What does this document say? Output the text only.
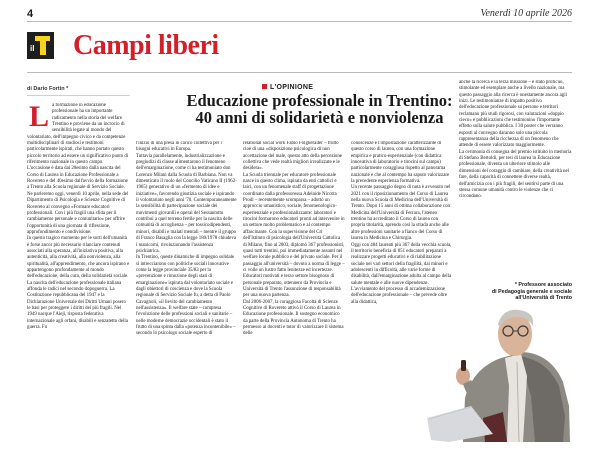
4	Venerdì 10 aprile 2026
il Campi liberi
di Dario Fortin *	L'OPINIONE
Educazione professionale in Trentino:
40 anni di solidarietà e nonviolenza
L a formazione in educazione professionale ha un importante radicamento nella storia del welfare Trentino e proviene da un incrocio di sensibilità legate al mondo del volontariato, dell'impegno civico e da competenze multidisciplinari di studiosi e testimoni particolarmente ispirati, che hanno portato questo piccolo territorio ad essere un significativo punto di riferimento nazionale in questo campo.

L'occasione è data dal 20esimo dalla nascita del Corso di Laurea in Educazione Professionale a Rovereto e del 40esimo dall'avvio della formazione a Trento alla Scuola regionale di Servizio Sociale. Ne parleremo oggi, venerdì 10 aprile, nella sede del Dipartimento di Psicologia e Scienze Cognitive di Rovereto al convegno «Formare educatori professionali. Con i più fragili una sfida per il cambiamento personale e comunitario» per offrire l'opportunità di una giornata di riflessione, approfondimento e condivisione.

In questo tragico momento per le sorti dell'umanità è forse ancor più necessario rilanciare contenuti associati alla speranza, all'iniziativa positiva, alla autenticità, alla creatività, alla nonviolenza, alla spiritualità, all'apprendimento, che ancora ispirano e appartengono profondamente al mondo dell'educazione, della cura, della solidarietà sociale.

La nascita dell'educazione professionale italiana affonda le radici nel secondo dopoguerra. La Costituzione repubblicana del 1947 e la Dichiarazione Universale dei Diritti Umani posero le basi per proteggere i diritti dei più fragili. Nel 1949 nacque l'Aieji, risposta federativa internazionale agli orfani, disabili e senzatetto della guerra. Fu

l'inizio di una presa in carico collettiva per i bisogni educativi in Europa.

Tuttavia parallelamente, industrializzazione e pregiudizi di classe alimentarono il fenomeno dell'emarginazione, come ci ha testimoniato don Lorenzo Milani dalla Scuola di Barbiana. Non va dimenticato il ruolo del Concilio Vaticano II (1962-1965) generativo di un «fermento di idee e iniziative», favorendo giustizia sociale e ispirando il volontariato negli anni '70. Contemporaneamente la sensibilità di partecipazione sociale dei movimenti giovanili e operai del Sessantotto contribuì a quel terreno fertile per la nascita delle comunità di accoglienza – per tossicodipendenti, minori, disabili e malati mentali – mentre il gruppo di Franco Basaglia con la legge 180/1978 chiudeva i manicomi, rivoluzionando l'assistenza psichiatrica.

In Trentino, queste dinamiche di impegno solidale si intrecciarono con politiche sociali innovative come la legge provinciale 35/83 per la «prevenzione e rimozione degli stati di emarginazione» ispirata dal volontariato sociale e dagli obiettori di coscienza e dove la Scuola regionale di Servizio Sociale fu, a detta di Paolo Cavagnoli, «il lievito del cambiamento nell'assistenza». Il welfare state – compresa l'evoluzione delle professioni sociali e sanitarie – nelle moderne democrazie occidentali è stato il frutto di una spinta dalla «potenza incontenibile» – secondo lo psicologo sociale esperto di

relational social work Fabio Folgheraiter – frutto cioè di una «disposizione psicologica di non accettazione del male, questo atto della percezione collettiva che vede realtà migliori irrealizzate e le desidera».

La Scuola triennale per educatore professionale nasce in questo clima, ispirata da enti cattolici e laici, con un fenomenale staff di progettazione coordinato dalla professoressa Adelaide Nicotra Prodi – recentemente scomparsa – adottò un approccio umanistico, sociale, fenomenologico-esperienziale e professionalizzante: laboratori e tirocini formarono educatori pronti ad intervenire in un settore molto problematico e al contempo affascinante. Con la supervisione del Cri dell'Istituto di psicologia dell'Università Cattolica di Milano, fino al 2003, diplomò 367 professionisti, quasi tutti trentini, poi immediatamente assunti nel welfare locale pubblico e del privato sociale. Per il passaggio all'università – dovuto a norma di legge – ci volle un lustro fatto lenitezze ed incertezze. Educatori motivati e terzo settore bisognoso di personale preparato, ottennero da Provincia e Università di Trento l'assunzione di responsabilità per una nuova partenza.

Dal 2006-2007, la coraggiosa Facoltà di Scienze Cognitive di Rovereto attivò il Corso di Laurea in Educazione professionale. Il sostegno economico da parte della Provincia Autonoma di Trento ha permesso ai docenti e tutor di valorizzare il sistema delle

conoscenze e l'impostazione caratterizzante di questo corso di laurea, con una formazione empirica e pratico-esperienziale (con didattica innovativa di laboratorio e tirocini sul campo) particolarmente coraggiosa rispetto al panorama nazionale e che al contempo ha saputo valorizzare la precedente esperienza formativa.

Un recente passaggio degno di nota è avvenuto nel 2021 con il riposizionamento del Corso di Laurea nella nuova Scuola di Medicina dell'Università di Trento. Dopo 15 anni di ottima collaborazione con Medicina dell'Università di Ferrara, l'ateneo trentino ha accreditato il Corso di laurea con propria titolarità, aprendo così la strada anche alle altre professioni sanitarie a fianco del Corso di laurea in Medicina e Chirurgia.

Oggi con 484 laureati più 367 della vecchia scuola, il territorio beneficia di 851 educatori preparati a realizzare progetti educativi e di riabilitazione sociale nei vari settori della fragilità, dai minori e adolescenti in difficoltà, alle varie forme di disabilità, dall'emarginazione adulta al campo della salute mentale e alle nuove dipendenze.

L'avviamento del processo di accademizzazione dell'educazione professionale – che prevede oltre alla didattica,

anche la ricerca e la terza missione – è stato proficuo, stimolante ed esemplare anche a livello nazionale, ma questo passaggio alla ricerca è onestamente ancora agli inizi. Le testimonianze di impatto positivo dell'educazione professionale su persone e territori reclamano più studi rigorosi, con valutazioni «doppio cieco» e pubblicazioni che testimonino l'importante effetto sulla salute pubblica. I 30 poster che verranno esposti al convegno daranno solo una piccola rappresentanza della ricchezza di un fenomeno che attende di essere valorizzato maggiormente.

La cerimonia di consegna del premio istituito in memoria di Stefano Bertoldi, per tesi di laurea in Educazione professionale, diventa un ulteriore stimolo alle dimensioni del coraggio di cambiare, della creatività nel fare, della capacità di connettere diverse realtà, dell'amicizia con i più fragili, del sentirsi parte di una stessa comune umanità contro le violenze che ci circondano.

* Professore associato
di Pedagogia generale e sociale
all'Università di Trento
